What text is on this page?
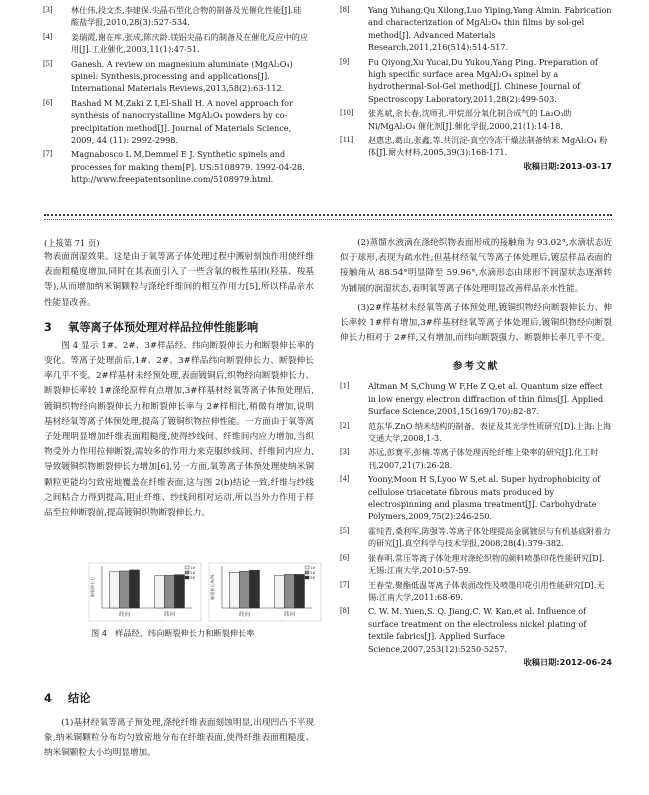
[3]	林仕伟,段文杰,李建保.尖晶石型化合物的制备及光催化性能[J].硅酸盐学报,2010,28(3):527-534.
[4]	姜瑞霞,谢在库,张成,陈庆龄.镁铝尖晶石的制备及在催化反应中的应用[J].工业催化,2003,11(1):47-51.
[5]	Ganesh. A review on magnesium aluminate (MgAl₂O₄) spinel: Synthesis,processing and applications[J]. International Materials Reviews,2013,58(2):63-112.
[6]	Rashad M M,Zaki Z I,El-Shall H. A novel approach for synthesis of nanocrystalline MgAl₂O₄ powders by co-precipitation method[J]. Journal of Materials Science, 2009, 44 (11): 2992-2998.
[7]	Magnabosco L M,Demmel E J. Synthetic spinels and processes for making them[P]. US:5108979. 1992-04-28. http://www.freepatentsonline.com/5108979.html.
[8]	Yang Yuhang,Qu Xilong,Luo Yiping,Yang Aimin. Fabrication and characterization of MgAl₂O₄ thin films by sol-gel method[J]. Advanced Materials Research,2011,216(514):514-517.
[9]	Fu Qiyong,Xu Yucai,Du Yukou,Yang Ping. Preparation of high specific surface area MgAl₂O₄ spinel by a hydrothermal-Sol-Gel method[J]. Chinese Journal of Spectroscopy Laboratory,2011,28(2):499-503.
[10]	张兆斌,余长春,沈师孔.甲烷部分氧化制合成气的 La₂O₃助 Ni/MgAl₂O₄ 催化剂[J].催化学报,2000,21(1):14-18.
[11]	赵惠忠,葛山,张鑫,等.共沉淀-真空冷冻干燥法制备纳米 MgAl₂O₄ 粉体[J].耐火材料,2005,39(3):168-171.
收稿日期:2013-03-17
(上接第 71 页)

物表面润湿效果。这是由于氧等离子体处理过程中溅射刻蚀作用使纤维表面粗糙度增加,同时在其表面引入了一些含氧的极性基团(羟基、羧基等),从而增加纳米铜颗粒与涤纶纤维间的相互作用力[5],所以样品亲水性能显改善。

3 氧等离子体预处理对样品拉伸性能影响

图 4 显示 1#、2#、3#样品经、纬向断裂伸长力和断裂伸长率的变化。等离子处理前后,1#、2#、3#样品纬向断裂伸长力、断裂伸长率几乎不变。2#样基材未经预处理,表面镀铜后,织物经向断裂伸长力、断裂伸长率较 1#涤纶原样有点增加,3#样基材经氧等离子体预处理后,镀铜织物经向断裂伸长力和断裂伸长率与 2#样相比,稍微有增加,说明基材经氧等离子体预处理,提高了镀铜织物拉伸性能。一方面由于氧等离子处理明显增加纤维表面粗糙度,使得纱线间、纤维间内应力增加,当织物受外力作用拉伸断裂,需较多的作用力来克服纱线间、纤维间内应力,导致镀铜织物断裂伸长力增加[6],另一方面,氧等离子体预处理使纳米铜颗粒更能均匀致密地覆盖在纤维表面,这与图 2(b)结论一致,纤维与纱线之间粘合力得到提高,阻止纤维、纱线间相对运动,所以当外力作用于样品至拉伸断裂前,提高镀铜织物断裂伸长力。

断裂伸长力
经向	纬向
1#
2#
3#	断裂伸长率/%
经向	纬向
1#
2#
3#
图 4　样品经、纬向断裂伸长力和断裂伸长率
4 结论

(1)基材经氧等离子预处理,涤纶纤维表面刻蚀明显,出现凹凸不平现象,纳米铜颗粒分布均匀致密地分布在纤维表面,使得纤维表面粗糙度、纳米铜颗粒大小均明显增加。

(2)蒸馏水液滴在涤纶织物表面形成的接触角为 93.02°,水滴状态近似于球形,表现为疏水性;但基材经氧气等离子体处理后,镀层样品表面的接触角从 88.54°明显降至 59.96°,水滴形态由球形不润湿状态逐渐转为铺展的润湿状态,表明氧等离子体处理明显改善样品亲水性能。

(3)2#样基材未经氧等离子体预处理,镀铜织物经向断裂伸长力、伸长率较 1#样有增加,3#样基材经氧等离子体处理后,镀铜织物经向断裂伸长力相对于 2#样,又有增加,而纬向断裂强力、断裂伸长率几乎不变。

参考文献
[1]	Altman M S,Chung W F,He Z Q,et al. Quantum size effect in low energy electron diffraction of thin films[J]. Applied Surface Science,2001,15(169/170):82-87.
[2]	范东华.ZnO 纳米结构的制备、表征及其光学性质研究[D].上海:上海交通大学,2008,1-3.
[3]	苏远,彭赛平,彭楠.等离子体处理丙纶纤维上染率的研究[J].化工时刊,2007,21(7):26-28.
[4]	Yoony,Moon H S,Lyoo W S,et al. Super hydrophobicity of cellulose triacetate fibrous mats produced by electrospinning and plasma treatment[J]. Carbohydrate Polymers,2009,75(2):246-250.
[5]	霍纯青,桑利军,陈强等.等离子体处理提高金属镀层与有机基底附着力的研究[J].真空科学与技术学报,2008,28(4):379-382.
[6]	张春明.常压等离子体处理对涤纶织物的颜料喷墨印花性能研究[D].无锡:江南大学,2010:57-59.
[7]	王春莹.聚酯低温等离子体表面改性及喷墨印花引用性能研究[D].无锡:江南大学,2011:68-69.
[8]	C. W. M. Yuen,S. Q. Jiang,C. W. Kan,et al. Influence of surface treatment on the electroless nickel plating of textile fabrics[J]. Applied Surface Science,2007,253(12):5250-5257.
收稿日期:2012-06-24
